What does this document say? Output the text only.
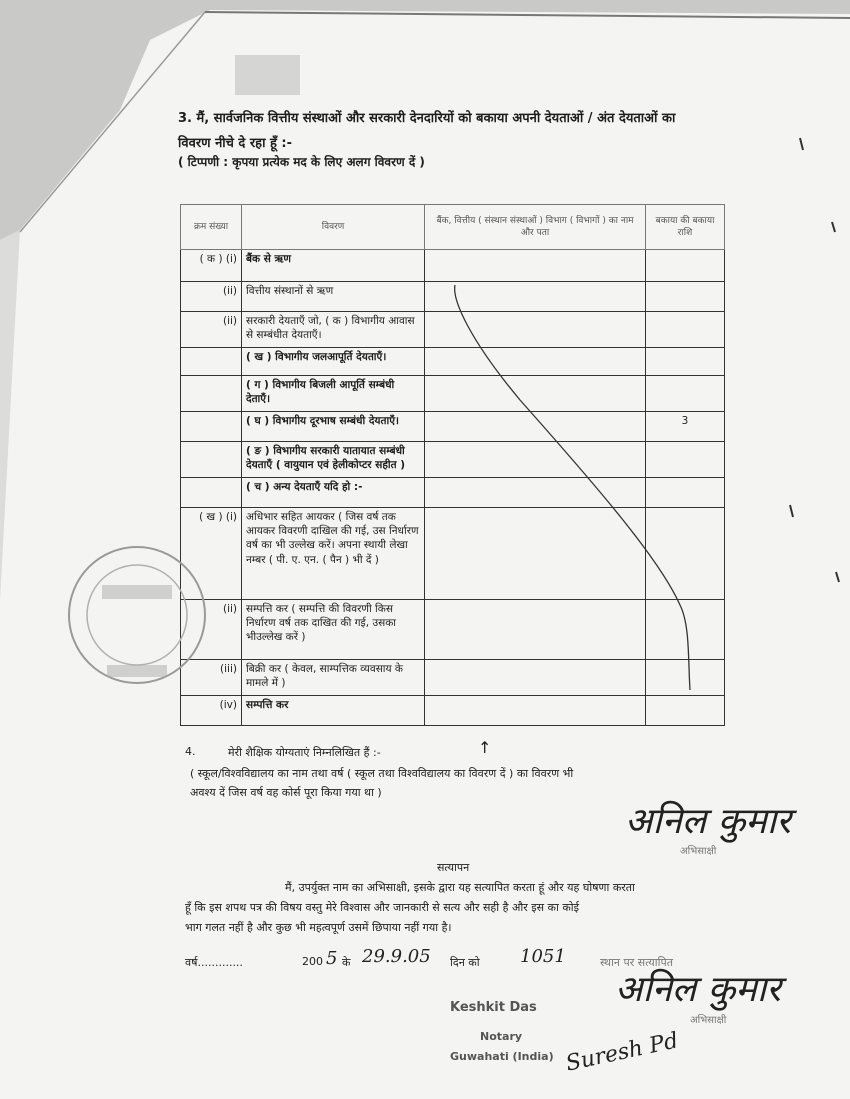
3. मैं, सार्वजनिक वित्तीय संस्थाओं और सरकारी देनदारियों को बकाया अपनी देयताओं / अंत देयताओं का
विवरण नीचे दे रहा हूँ :-
( टिप्पणी : कृपया प्रत्येक मद के लिए अलग विवरण दें )
क्रम संख्या	विवरण	बैंक, वित्तीय ( संस्थान संस्थाओं ) विभाग ( विभागों ) का नाम और पता	बकाया की बकाया राशि
( क ) (i)	बैंक से ऋण		
(ii)	वित्तीय संस्थानों से ऋण		
(ii)	सरकारी देयताएँ जो, ( क ) विभागीय आवास से सम्बंधीत देयताएँ।		
	( ख ) विभागीय जलआपूर्ति देयताएँ।		
	( ग ) विभागीय बिजली आपूर्ति सम्बंधी देताएँ।		
	( घ ) विभागीय दूरभाष सम्बंधी देयताएँ।		3
	( ङ ) विभागीय सरकारी यातायात सम्बंधी देयताएँ ( वायुयान एवं हेलीकोप्टर सहीत )		
	( च ) अन्य देयताएँ यदि हो :-		
( ख ) (i)	अधिभार सहित आयकर ( जिस वर्ष तक आयकर विवरणी दाखिल की गई, उस निर्धारण वर्ष का भी उल्लेख करें। अपना स्थायी लेखा नम्बर ( पी. ए. एन. ( पैन ) भी दें )		
(ii)	सम्पत्ति कर ( सम्पत्ति की विवरणी किस निर्धारण वर्ष तक दाखित की गई, उसका भीउल्लेख करें )		
(iii)	बिक्री कर ( केवल, साम्पत्तिक व्यवसाय के मामले में )		
(iv)	सम्पत्ति कर		
4.	मेरी शैक्षिक योग्यताएं निम्नलिखित हैं :-	↑
( स्कूल/विश्वविद्यालय का नाम तथा वर्ष ( स्कूल तथा विश्वविद्यालय का विवरण दें ) का विवरण भी
अवश्य दें जिस वर्ष वह कोर्स पूरा किया गया था )
अनिल कुमार
अभिसाक्षी
सत्यापन
मैं, उपर्युक्त नाम का अभिसाक्षी, इसके द्वारा यह सत्यापित करता हूं और यह घोषणा करता
हूँ कि इस शपथ पत्र की विषय वस्तु मेरे विश्वास और जानकारी से सत्य और सही है और इस का कोई
भाग गलत नहीं है और कुछ भी महत्वपूर्ण उसमें छिपाया नहीं गया है।
वर्ष.............	200 5 के 29.9.05 दिन को 1051	स्थान पर सत्यापित
अनिल कुमार
अभिसाक्षी
Keshkit Das
Notary
Guwahati (India) Suresh Pd
